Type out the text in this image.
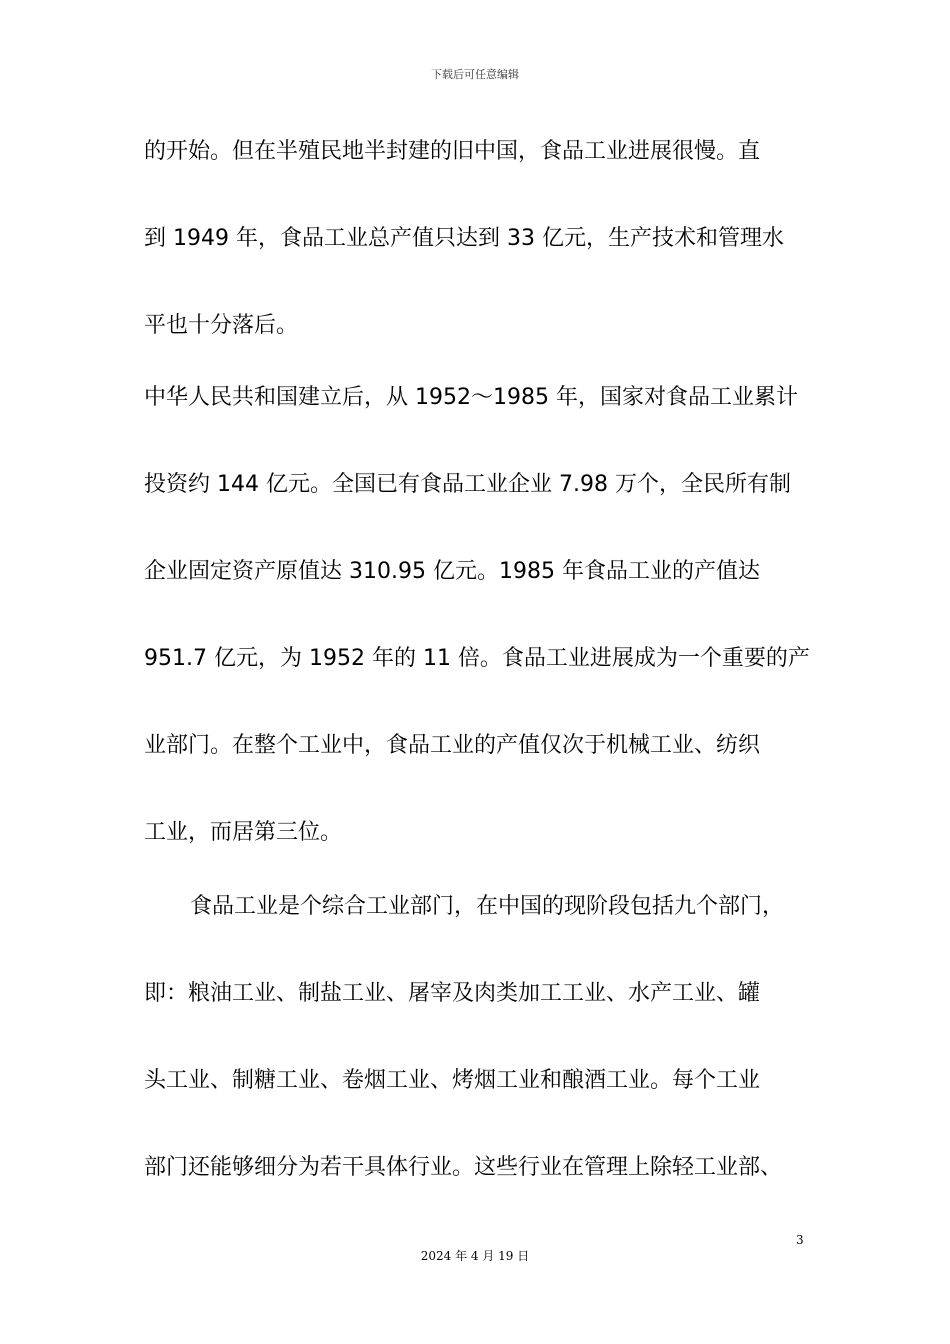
下载后可任意编辑
的开始。但在半殖民地半封建的旧中国，食品工业进展很慢。直
到 1949 年，食品工业总产值只达到 33 亿元，生产技术和管理水
平也十分落后。
中华人民共和国建立后，从 1952～1985 年，国家对食品工业累计
投资约 144 亿元。全国已有食品工业企业 7.98 万个，全民所有制
企业固定资产原值达 310.95 亿元。1985 年食品工业的产值达
951.7 亿元，为 1952 年的 11 倍。食品工业进展成为一个重要的产
业部门。在整个工业中，食品工业的产值仅次于机械工业、纺织
工业，而居第三位。
食品工业是个综合工业部门，在中国的现阶段包括九个部门，
即：粮油工业、制盐工业、屠宰及肉类加工工业、水产工业、罐
头工业、制糖工业、卷烟工业、烤烟工业和酿酒工业。每个工业
部门还能够细分为若干具体行业。这些行业在管理上除轻工业部、
3
2024 年 4 月 19 日
